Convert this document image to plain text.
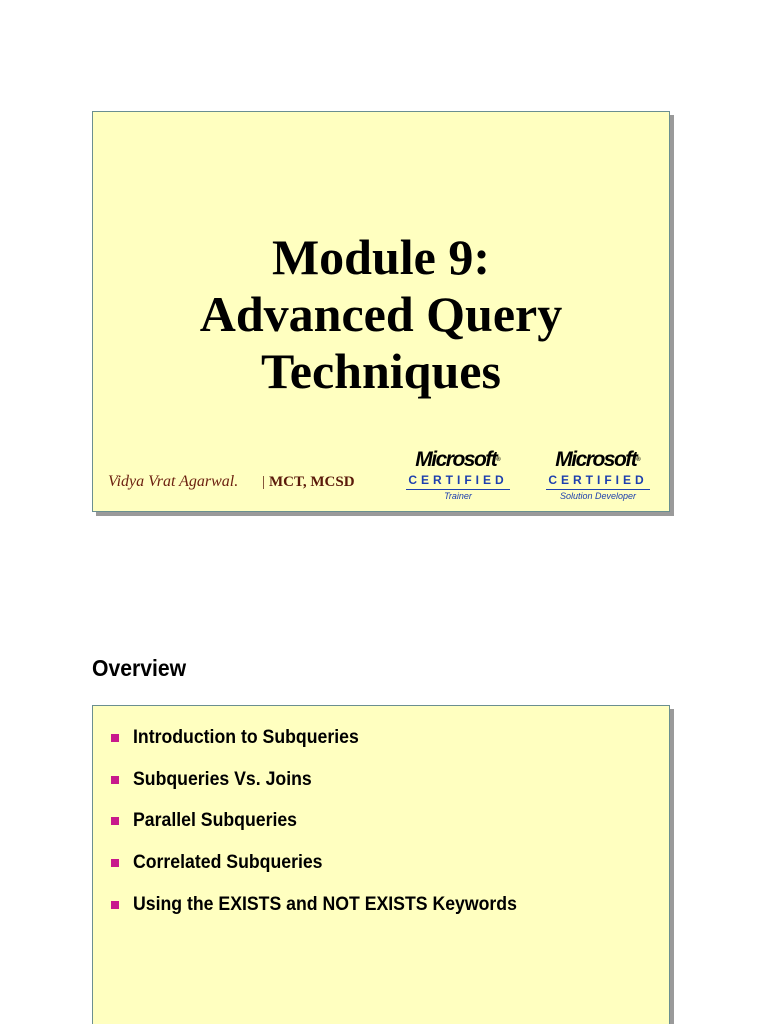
Module 9:
Advanced Query
Techniques
Vidya Vrat Agarwal. | MCT, MCSD
Microsoft®
CERTIFIED
Trainer
Microsoft®
CERTIFIED
Solution Developer
Overview
Introduction to Subqueries
Subqueries Vs. Joins
Parallel Subqueries
Correlated Subqueries
Using the EXISTS and NOT EXISTS Keywords
